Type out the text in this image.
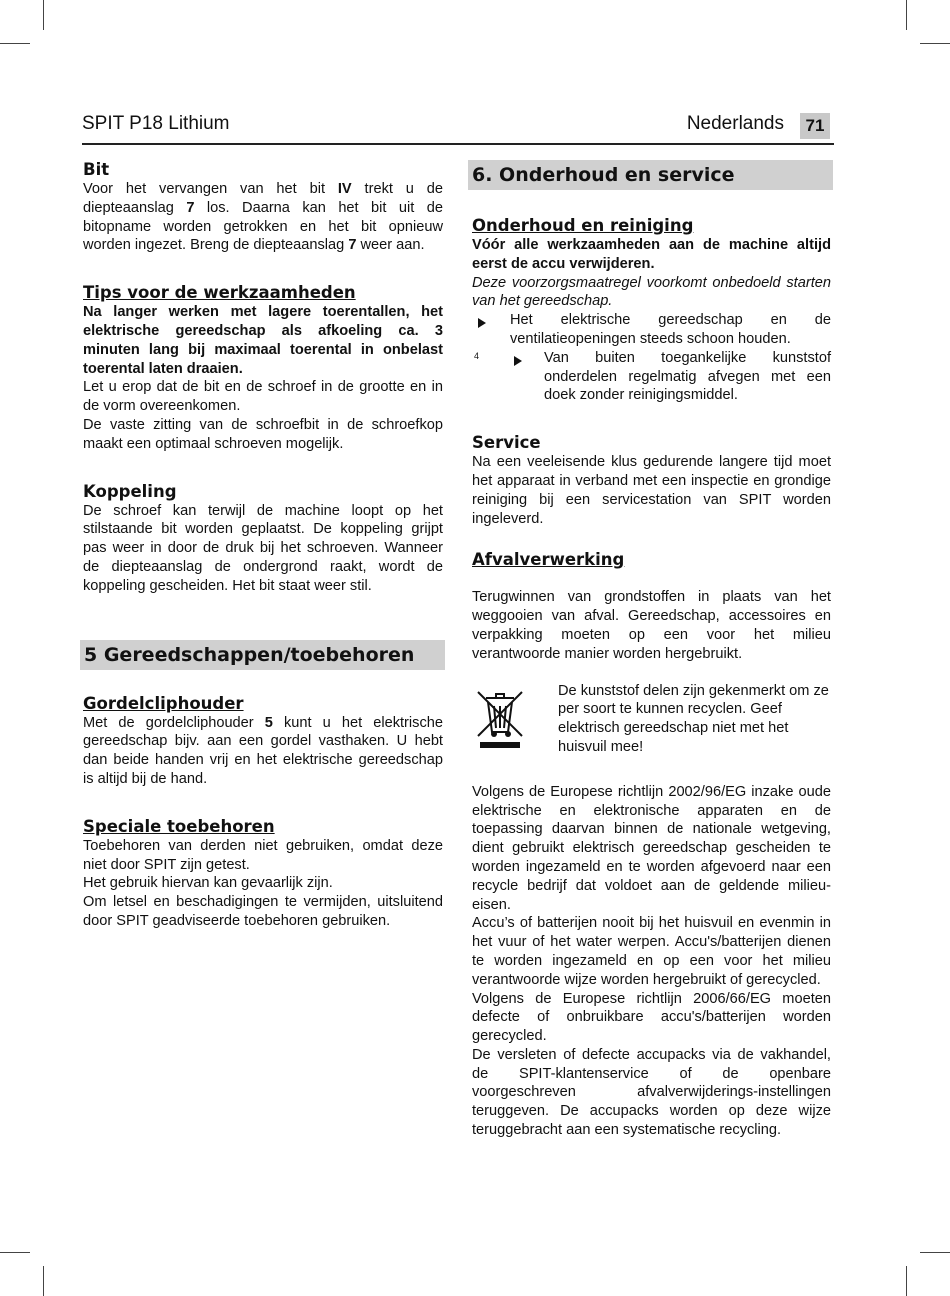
SPIT P18 Lithium	Nederlands	71
Bit

Voor het vervangen van het bit IV trekt u de diepteaanslag 7 los. Daarna kan het bit uit de bitopname worden getrokken en het bit opnieuw worden ingezet. Breng de diepteaanslag 7 weer aan.

Tips voor de werkzaamheden

Na langer werken met lagere toerentallen, het elektrische gereedschap als afkoeling ca. 3 minuten lang bij maximaal toerental in onbelast toerental laten draaien.

Let u erop dat de bit en de schroef in de grootte en in de vorm overeenkomen.

De vaste zitting van de schroefbit in de schroefkop maakt een optimaal schroeven mogelijk.

Koppeling

De schroef kan terwijl de machine loopt op het stilstaande bit worden geplaatst. De koppeling grijpt pas weer in door de druk bij het schroeven. Wanneer de diepteaanslag de ondergrond raakt, wordt de koppeling gescheiden. Het bit staat weer stil.

5 Gereedschappen/toebehoren
Gordelcliphouder

Met de gordelcliphouder 5 kunt u het elektrische gereedschap bijv. aan een gordel vasthaken. U hebt dan beide handen vrij en het elektrische gereedschap is altijd bij de hand.

Speciale toebehoren

Toebehoren van derden niet gebruiken, omdat deze niet door SPIT zijn getest.

Het gebruik hiervan kan gevaarlijk zijn.

Om letsel en beschadigingen te vermijden, uitsluitend door SPIT geadviseerde toebehoren gebruiken.

6. Onderhoud en service
Onderhoud en reiniging

Vóór alle werkzaamheden aan de machine altijd eerst de accu verwijderen.

Deze voorzorgsmaatregel voorkomt onbedoeld starten van het gereedschap.

Het elektrische gereedschap en de ventilatieopeningen steeds schoon houden.

4	Van buiten toegankelijke kunststof onderdelen regelmatig afvegen met een doek zonder reinigingsmiddel.

Service

Na een veeleisende klus gedurende langere tijd moet het apparaat in verband met een inspectie en grondige reiniging bij een servicestation van SPIT worden ingeleverd.

Afvalverwerking

Terugwinnen van grondstoffen in plaats van het weggooien van afval. Gereedschap, accessoires en verpakking moeten op een voor het milieu verantwoorde manier worden hergebruikt.

De kunststof delen zijn gekenmerkt om ze per soort te kunnen recyclen. Geef elektrisch gereedschap niet met het huisvuil mee!

Volgens de Europese richtlijn 2002/96/EG inzake oude elektrische en elektronische apparaten en de toepassing daarvan binnen de nationale wetgeving, dient gebruikt elektrisch gereedschap gescheiden te worden ingezameld en te worden afgevoerd naar een recycle bedrijf dat voldoet aan de geldende milieu-eisen.

Accu’s of batterijen nooit bij het huisvuil en evenmin in het vuur of het water werpen. Accu's/batterijen dienen te worden ingezameld en op een voor het milieu verantwoorde wijze worden hergebruikt of gerecycled.

Volgens de Europese richtlijn 2006/66/EG moeten defecte of onbruikbare accu's/batterijen worden gerecycled.

De versleten of defecte accupacks via de vakhandel, de SPIT-klantenservice of de openbare voorgeschreven afvalverwijderings-instellingen teruggeven. De accupacks worden op deze wijze teruggebracht aan een systematische recycling.
